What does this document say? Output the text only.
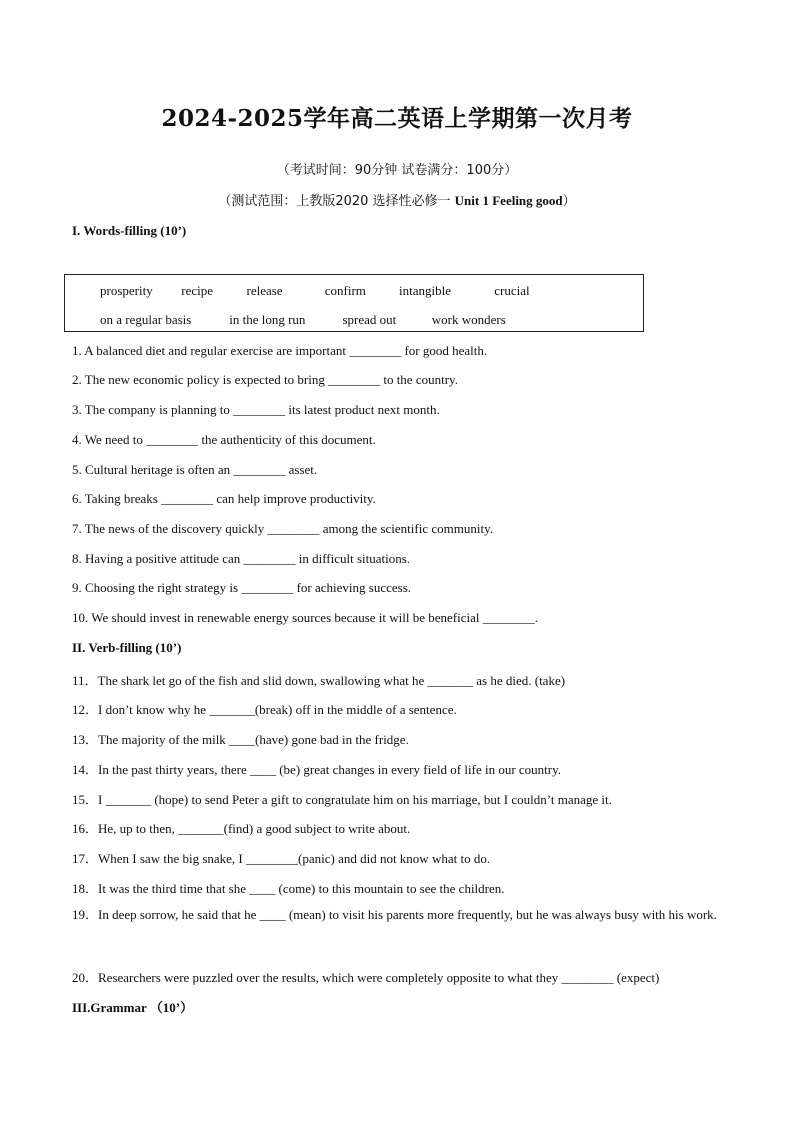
2024-2025学年高二英语上学期第一次月考
（考试时间：90分钟 试卷满分：100分）
（测试范围：上教版2020 选择性必修一 Unit 1 Feeling good）
I. Words-filling (10’)
prosperity recipe	release	confirm	intangible	crucial
on a regular basis	in the long run	spread out	work wonders
1. A balanced diet and regular exercise are important ________ for good health.
2. The new economic policy is expected to bring ________ to the country.
3. The company is planning to ________ its latest product next month.
4. We need to ________ the authenticity of this document.
5. Cultural heritage is often an ________ asset.
6. Taking breaks ________ can help improve productivity.
7. The news of the discovery quickly ________ among the scientific community.
8. Having a positive attitude can ________ in difficult situations.
9. Choosing the right strategy is ________ for achieving success.
10. We should invest in renewable energy sources because it will be beneficial ________.
II. Verb-filling (10’)
11．The shark let go of the fish and slid down, swallowing what he _______ as he died. (take)
12．I don’t know why he _______(break) off in the middle of a sentence.
13．The majority of the milk ____(have) gone bad in the fridge.
14．In the past thirty years, there ____ (be) great changes in every field of life in our country.
15．I _______ (hope) to send Peter a gift to congratulate him on his marriage, but I couldn’t manage it.
16．He, up to then, _______(find) a good subject to write about.
17．When I saw the big snake, I ________(panic) and did not know what to do.
18．It was the third time that she ____ (come) to this mountain to see the children.
19．In deep sorrow, he said that he ____ (mean) to visit his parents more frequently, but he was always busy with his work.
20．Researchers were puzzled over the results, which were completely opposite to what they ________ (expect)
III.Grammar （10’）
